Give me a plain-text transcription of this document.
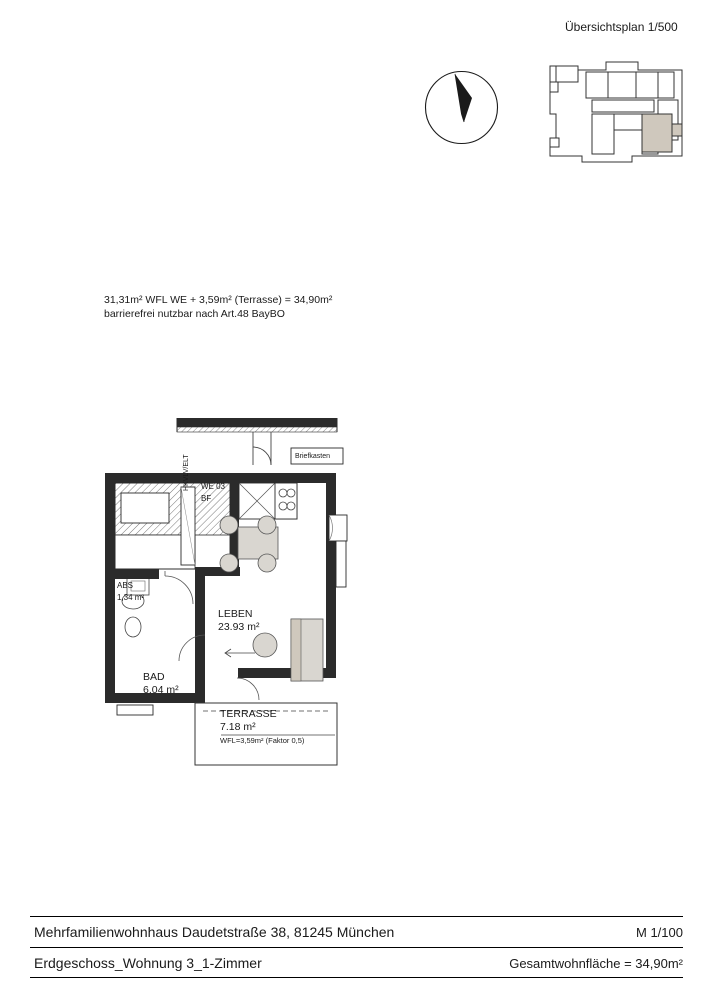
Übersichtsplan 1/500
31,31m² WFL WE + 3,59m² (Terrasse) = 34,90m²
barrierefrei nutzbar nach Art.48 BayBO
WE 03
BF
Briefkasten
HKVLV/ELT
ABS
1,34 m²
LEBEN
23.93 m²
BAD
6.04 m²
TERRASSE
7.18 m²
WFL=3,59m² (Faktor 0,5)
Mehrfamilienwohnhaus Daudetstraße 38, 81245 München	M 1/100
Erdgeschoss_Wohnung 3_1-Zimmer	Gesamtwohnfläche = 34,90m²
